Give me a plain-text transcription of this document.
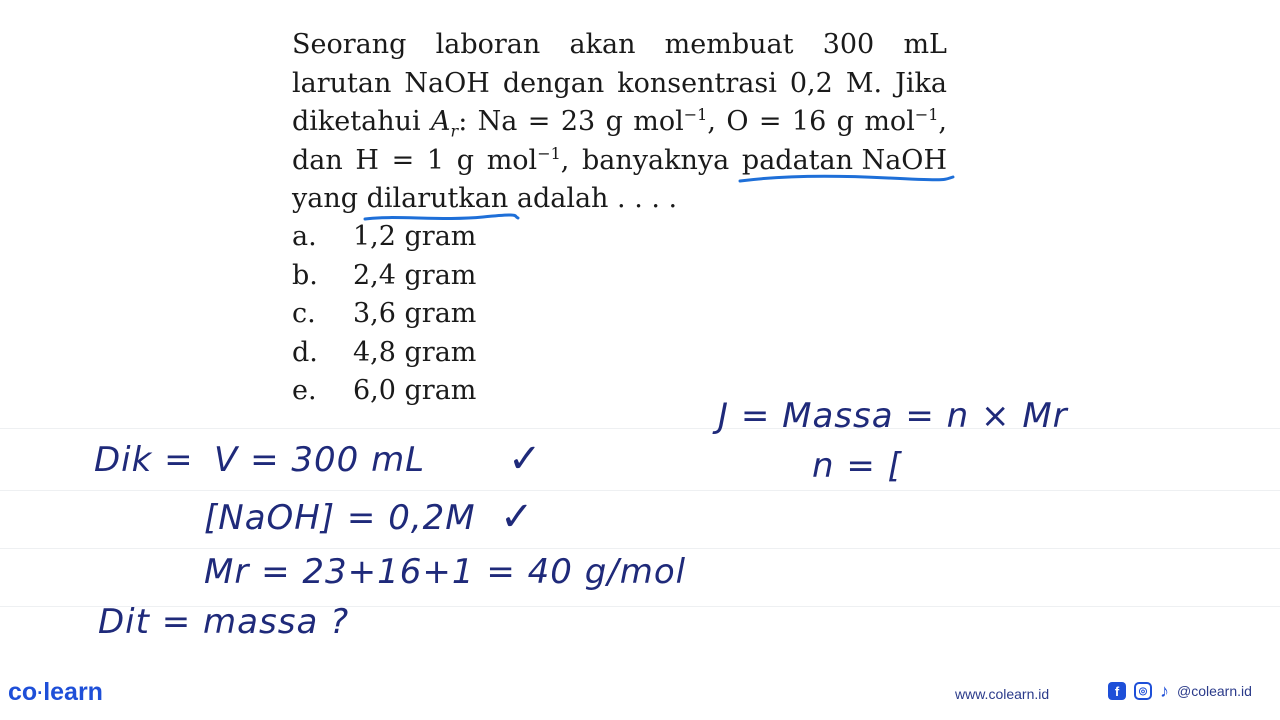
Seorang laboran akan membuat 300 mL larutan NaOH dengan konsentrasi 0,2 M. Jika diketahui $A_r$: Na = 23 g mol$^{-1}$, O = 16 g mol$^{-1}$, dan H = 1 g mol$^{-1}$, banyaknya padatan NaOH
yang dilarutkan
adalah . . . .
a.	1,2 gram
b.	2,4 gram
c.	3,6 gram
d.	4,8 gram
e.	6,0 gram
Dik = V = 300 mL ✓
[NaOH] = 0,2M ✓
Mr = 23+16+1 = 40 g/mol
Dit = massa ?
J = Massa = n × Mr
n = [
co·learn	www.colearn.id	f	◎ ♪ @colearn.id
